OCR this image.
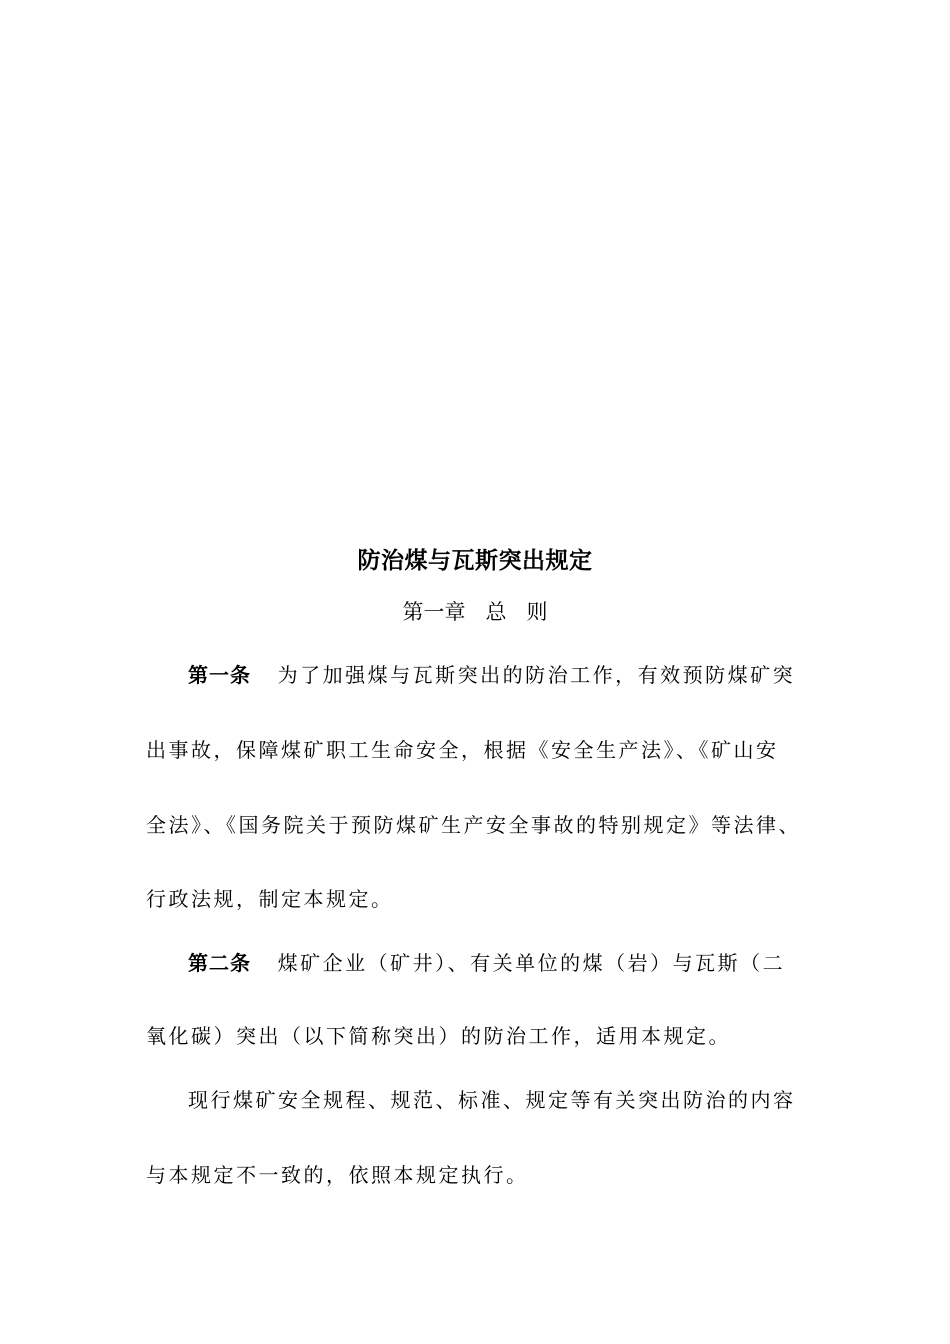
防治煤与瓦斯突出规定
第一章   总   则
第一条 为了加强煤与瓦斯突出的防治工作，有效预防煤矿突
出事故，保障煤矿职工生命安全，根据《安全生产法》、《矿山安
全法》、《国务院关于预防煤矿生产安全事故的特别规定》等法律、
行政法规，制定本规定。
第二条 煤矿企业（矿井）、有关单位的煤（岩）与瓦斯（二
氧化碳）突出（以下简称突出）的防治工作，适用本规定。
现行煤矿安全规程、规范、标准、规定等有关突出防治的内容
与本规定不一致的，依照本规定执行。
